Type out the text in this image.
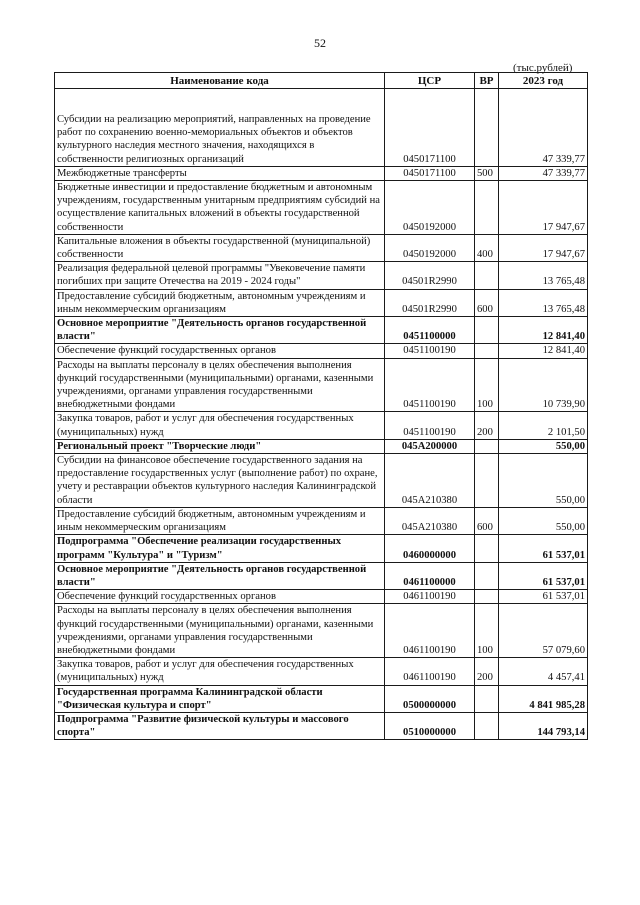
52
(тыс.рублей)
Наименование кода	ЦСР	ВР	2023 год
Субсидии на реализацию мероприятий, направленных на проведение работ по сохранению военно-мемориальных объектов и объектов культурного наследия местного значения, находящихся в собственности религиозных организаций	0450171100		47 339,77
Межбюджетные трансферты	0450171100	500	47 339,77
Бюджетные инвестиции и предоставление бюджетным и автономным учреждениям, государственным унитарным предприятиям субсидий на осуществление капитальных вложений в объекты государственной собственности	0450192000		17 947,67
Капитальные вложения в объекты государственной (муниципальной) собственности	0450192000	400	17 947,67
Реализация федеральной целевой программы "Увековечение памяти погибших при защите Отечества на 2019 - 2024 годы"	04501R2990		13 765,48
Предоставление субсидий бюджетным, автономным учреждениям и иным некоммерческим организациям	04501R2990	600	13 765,48
Основное мероприятие "Деятельность органов государственной власти"	0451100000		12 841,40
Обеспечение функций государственных органов	0451100190		12 841,40
Расходы на выплаты персоналу в целях обеспечения выполнения функций государственными (муниципальными) органами, казенными учреждениями, органами управления государственными внебюджетными фондами	0451100190	100	10 739,90
Закупка товаров, работ и услуг для обеспечения государственных (муниципальных) нужд	0451100190	200	2 101,50
Региональный проект "Творческие люди"	045A200000		550,00
Субсидии на финансовое обеспечение государственного задания на предоставление государственных услуг (выполнение работ) по охране, учету и реставрации объектов культурного наследия Калининградской области	045A210380		550,00
Предоставление субсидий бюджетным, автономным учреждениям и иным некоммерческим организациям	045A210380	600	550,00
Подпрограмма "Обеспечение реализации государственных программ "Культура" и "Туризм"	0460000000		61 537,01
Основное мероприятие "Деятельность органов государственной власти"	0461100000		61 537,01
Обеспечение функций государственных органов	0461100190		61 537,01
Расходы на выплаты персоналу в целях обеспечения выполнения функций государственными (муниципальными) органами, казенными учреждениями, органами управления государственными внебюджетными фондами	0461100190	100	57 079,60
Закупка товаров, работ и услуг для обеспечения государственных (муниципальных) нужд	0461100190	200	4 457,41
Государственная программа Калининградской области "Физическая культура и спорт"	0500000000		4 841 985,28
Подпрограмма "Развитие физической культуры и массового спорта"	0510000000		144 793,14
